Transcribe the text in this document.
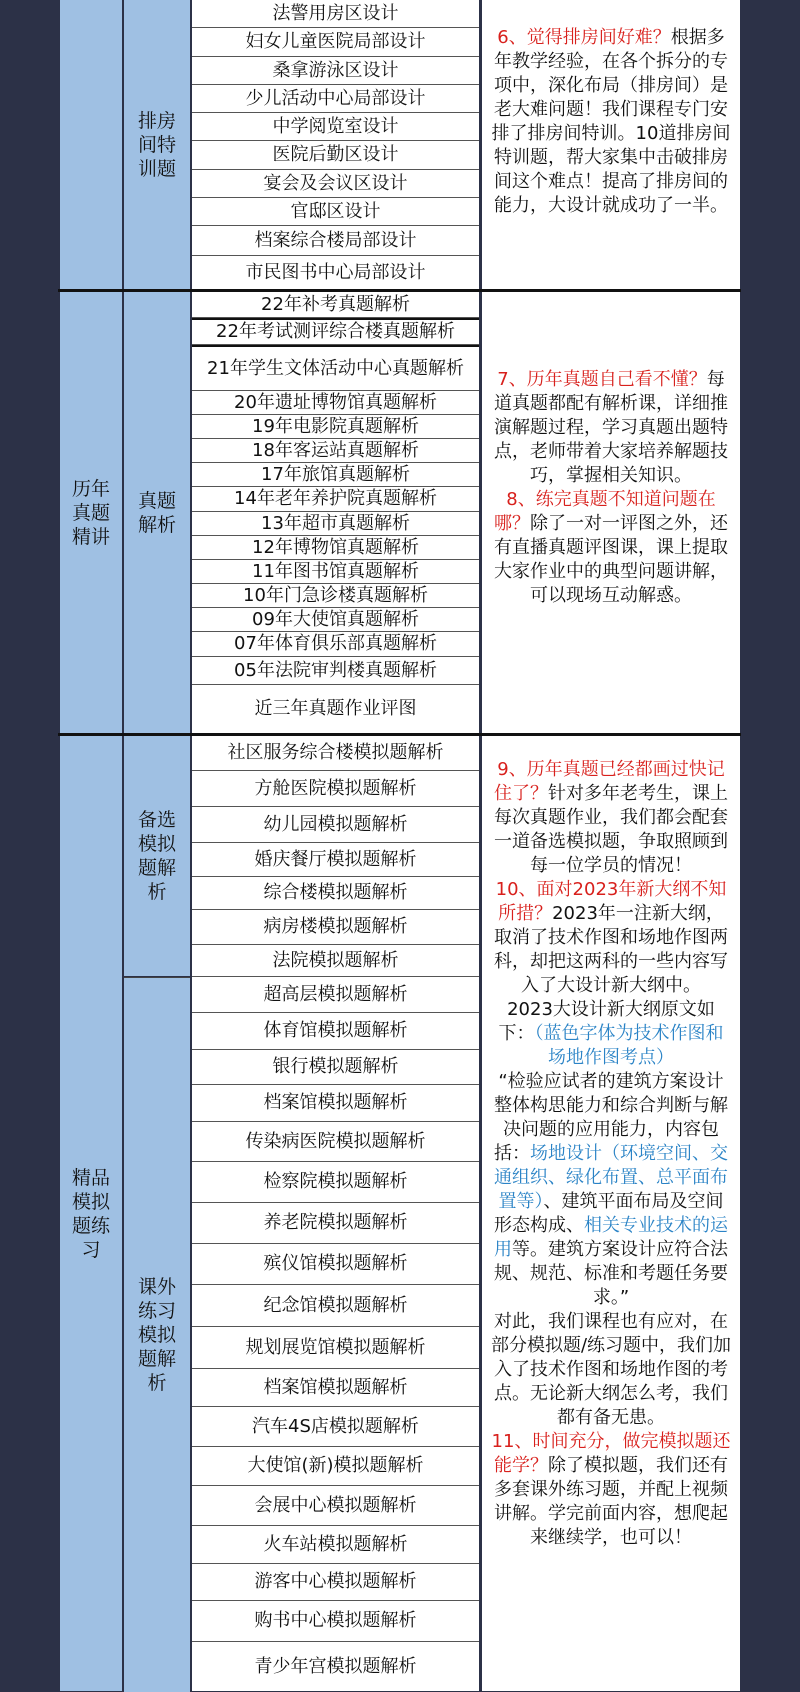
排房间特训题
法警用房区设计
妇女儿童医院局部设计
桑拿游泳区设计
少儿活动中心局部设计
中学阅览室设计
医院后勤区设计
宴会及会议区设计
官邸区设计
档案综合楼局部设计
市民图书中心局部设计
6、觉得排房间好难？根据多年教学经验，在各个拆分的专项中，深化布局（排房间）是老大难问题！我们课程专门安排了排房间特训。10道排房间特训题，帮大家集中击破排房间这个难点！提高了排房间的能力，大设计就成功了一半。
历年真题精讲
真题解析
22年补考真题解析
22年考试测评综合楼真题解析
21年学生文体活动中心真题解析
20年遗址博物馆真题解析
19年电影院真题解析
18年客运站真题解析
17年旅馆真题解析
14年老年养护院真题解析
13年超市真题解析
12年博物馆真题解析
11年图书馆真题解析
10年门急诊楼真题解析
09年大使馆真题解析
07年体育俱乐部真题解析
05年法院审判楼真题解析
近三年真题作业评图
7、历年真题自己看不懂？每道真题都配有解析课，详细推演解题过程，学习真题出题特点，老师带着大家培养解题技巧，掌握相关知识。
8、练完真题不知道问题在哪？除了一对一评图之外，还有直播真题评图课，课上提取大家作业中的典型问题讲解，可以现场互动解惑。
精品模拟题练习
备选模拟题解析
课外练习模拟题解析
社区服务综合楼模拟题解析
方舱医院模拟题解析
幼儿园模拟题解析
婚庆餐厅模拟题解析
综合楼模拟题解析
病房楼模拟题解析
法院模拟题解析
超高层模拟题解析
体育馆模拟题解析
银行模拟题解析
档案馆模拟题解析
传染病医院模拟题解析
检察院模拟题解析
养老院模拟题解析
殡仪馆模拟题解析
纪念馆模拟题解析
规划展览馆模拟题解析
档案馆模拟题解析
汽车4S店模拟题解析
大使馆(新)模拟题解析
会展中心模拟题解析
火车站模拟题解析
游客中心模拟题解析
购书中心模拟题解析
青少年宫模拟题解析
9、历年真题已经都画过快记住了？针对多年老考生，课上每次真题作业，我们都会配套一道备选模拟题，争取照顾到每一位学员的情况！
10、面对2023年新大纲不知所措？2023年一注新大纲，取消了技术作图和场地作图两科，却把这两科的一些内容写入了大设计新大纲中。
2023大设计新大纲原文如下：（蓝色字体为技术作图和场地作图考点）
“检验应试者的建筑方案设计整体构思能力和综合判断与解决问题的应用能力，内容包括：场地设计（环境空间、交通组织、绿化布置、总平面布置等）、建筑平面布局及空间形态构成、相关专业技术的运用等。建筑方案设计应符合法规、规范、标准和考题任务要求。”
对此，我们课程也有应对，在部分模拟题/练习题中，我们加入了技术作图和场地作图的考点。无论新大纲怎么考，我们都有备无患。
11、时间充分，做完模拟题还能学？除了模拟题，我们还有多套课外练习题，并配上视频讲解。学完前面内容，想爬起来继续学，也可以！
